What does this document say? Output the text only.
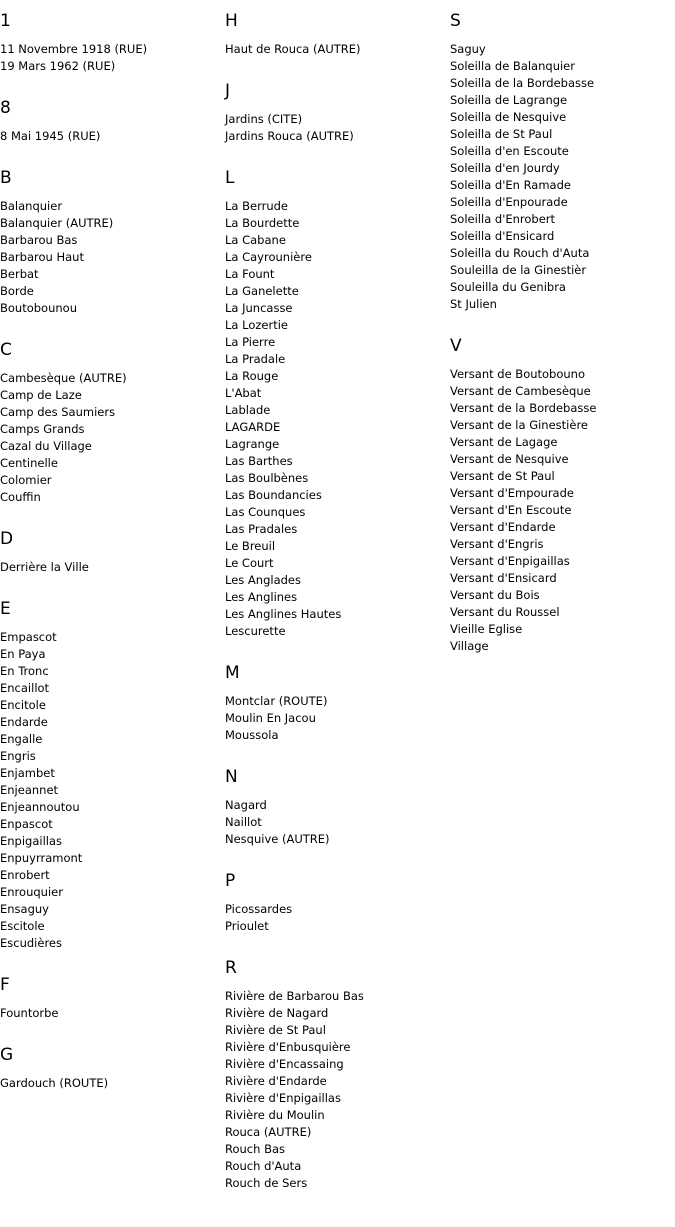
1
11 Novembre 1918 (RUE)
19 Mars 1962 (RUE)
8
8 Mai 1945 (RUE)
B
Balanquier
Balanquier (AUTRE)
Barbarou Bas
Barbarou Haut
Berbat
Borde
Boutobounou
C
Cambesèque (AUTRE)
Camp de Laze
Camp des Saumiers
Camps Grands
Cazal du Village
Centinelle
Colomier
Couffin
D
Derrière la Ville
E
Empascot
En Paya
En Tronc
Encaillot
Encitole
Endarde
Engalle
Engris
Enjambet
Enjeannet
Enjeannoutou
Enpascot
Enpigaillas
Enpuyrramont
Enrobert
Enrouquier
Ensaguy
Escitole
Escudières
F
Fountorbe
G
Gardouch (ROUTE)
H
Haut de Rouca (AUTRE)
J
Jardins (CITE)
Jardins Rouca (AUTRE)
L
La Berrude
La Bourdette
La Cabane
La Cayrounière
La Fount
La Ganelette
La Juncasse
La Lozertie
La Pierre
La Pradale
La Rouge
L'Abat
Lablade
LAGARDE
Lagrange
Las Barthes
Las Boulbènes
Las Boundancies
Las Counques
Las Pradales
Le Breuil
Le Court
Les Anglades
Les Anglines
Les Anglines Hautes
Lescurette
M
Montclar (ROUTE)
Moulin En Jacou
Moussola
N
Nagard
Naillot
Nesquive (AUTRE)
P
Picossardes
Prioulet
R
Rivière de Barbarou Bas
Rivière de Nagard
Rivière de St Paul
Rivière d'Enbusquière
Rivière d'Encassaing
Rivière d'Endarde
Rivière d'Enpigaillas
Rivière du Moulin
Rouca (AUTRE)
Rouch Bas
Rouch d'Auta
Rouch de Sers
S
Saguy
Soleilla de Balanquier
Soleilla de la Bordebasse
Soleilla de Lagrange
Soleilla de Nesquive
Soleilla de St Paul
Soleilla d'en Escoute
Soleilla d'en Jourdy
Soleilla d'En Ramade
Soleilla d'Enpourade
Soleilla d'Enrobert
Soleilla d'Ensicard
Soleilla du Rouch d'Auta
Souleilla de la Ginestièr
Souleilla du Genibra
St Julien
V
Versant de Boutobouno
Versant de Cambesèque
Versant de la Bordebasse
Versant de la Ginestière
Versant de Lagage
Versant de Nesquive
Versant de St Paul
Versant d'Empourade
Versant d'En Escoute
Versant d'Endarde
Versant d'Engris
Versant d'Enpigaillas
Versant d'Ensicard
Versant du Bois
Versant du Roussel
Vieille Eglise
Village
